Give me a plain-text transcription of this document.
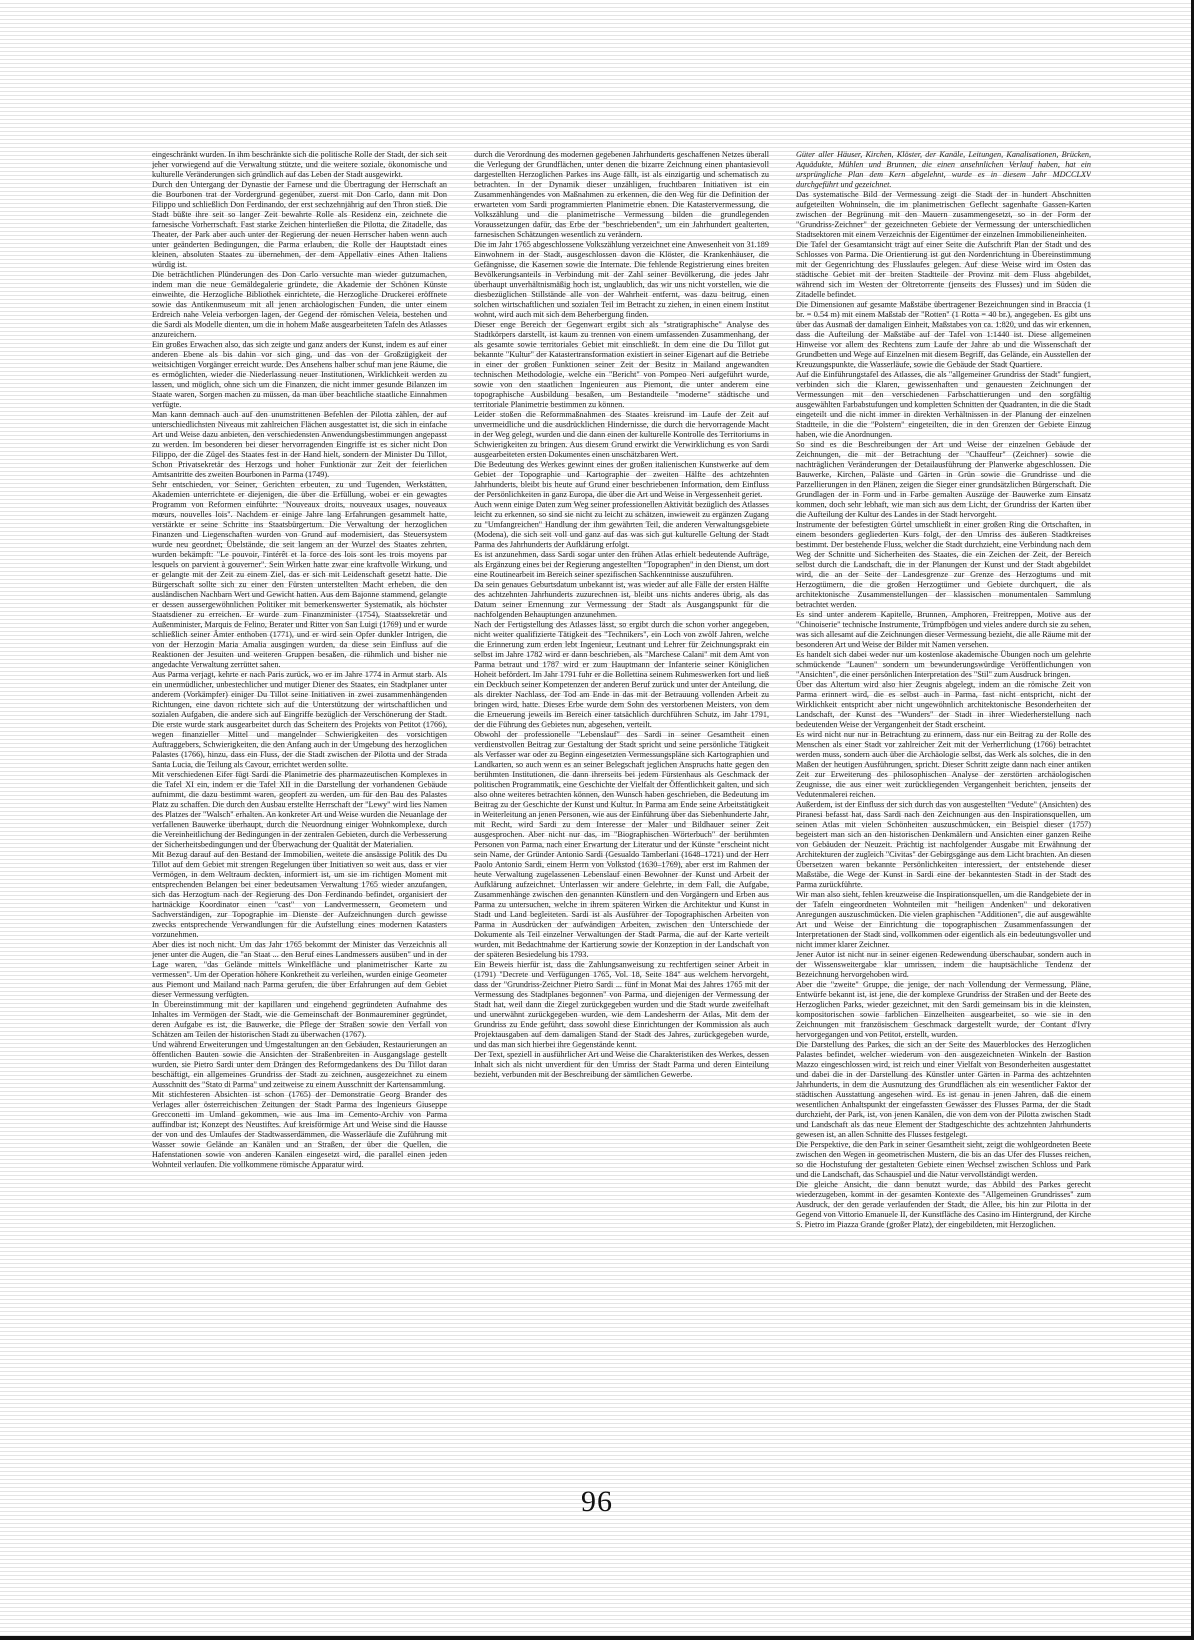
eingeschränkt wurden. In ihm beschränkte sich die politische Rolle der Stadt, der sich seit jeher vorwiegend auf die Verwaltung stützte, und die weitere soziale, ökonomische und kulturelle Veränderungen sich gründlich auf das Leben der Stadt ausgewirkt.

Durch den Untergang der Dynastie der Farnese und die Übertragung der Herrschaft an die Bourbonen trat der Vordergrund gegenüber, zuerst mit Don Carlo, dann mit Don Filippo und schließlich Don Ferdinando, der erst sechzehnjährig auf den Thron stieß. Die Stadt büßte ihre seit so langer Zeit bewahrte Rolle als Residenz ein, zeichnete die farnesische Vorherrschaft. Fast starke Zeichen hinterließen die Pilotta, die Zitadelle, das Theater, der Park aber auch unter der Regierung der neuen Herrscher haben wenn auch unter geänderten Bedingungen, die Parma erlauben, die Rolle der Hauptstadt eines kleinen, absoluten Staates zu übernehmen, der dem Appellativ eines Athen Italiens würdig ist.

Die beträchtlichen Plünderungen des Don Carlo versuchte man wieder gutzumachen, indem man die neue Gemäldegalerie gründete, die Akademie der Schönen Künste einweihte, die Herzogliche Bibliothek einrichtete, die Herzogliche Druckerei eröffnete sowie das Antikenmuseum mit all jenen archäologischen Funden, die unter einem Erdreich nahe Veleia verborgen lagen, der Gegend der römischen Veleia, bestehen und die Sardi als Modelle dienten, um die in hohem Maße ausgearbeiteten Tafeln des Atlasses anzureichern.

Ein großes Erwachen also, das sich zeigte und ganz anders der Kunst, indem es auf einer anderen Ebene als bis dahin vor sich ging, und das von der Großzügigkeit der weitsichtigen Vorgänger erreicht wurde. Des Ansehens halber schuf man jene Räume, die es ermöglichten, wieder die Niederlassung neuer Institutionen, Wirklichkeit werden zu lassen, und möglich, ohne sich um die Finanzen, die nicht immer gesunde Bilanzen im Staate waren, Sorgen machen zu müssen, da man über beachtliche staatliche Einnahmen verfügte.

Man kann demnach auch auf den unumstrittenen Befehlen der Pilotta zählen, der auf unterschiedlichsten Niveaus mit zahlreichen Flächen ausgestattet ist, die sich in einfache Art und Weise dazu anbieten, den verschiedensten Anwendungsbestimmungen angepasst zu werden. Im besonderen bei dieser hervorragenden Eingriffe ist es sicher nicht Don Filippo, der die Zügel des Staates fest in der Hand hielt, sondern der Minister Du Tillot, Schon Privatsekretär des Herzogs und hoher Funktionär zur Zeit der feierlichen Amtsantritte des zweiten Bourbonen in Parma (1749).

Sehr entschieden, vor Seiner, Gerichten erbeuten, zu und Tugenden, Werkstätten, Akademien unterrichtete er diejenigen, die über die Erfüllung, wobei er ein gewagtes Programm von Reformen einführte: "Nouveaux droits, nouveaux usages, nouveaux mœurs, nouvelles lois". Nachdem er einige Jahre lang Erfahrungen gesammelt hatte, verstärkte er seine Schritte ins Staatsbürgertum. Die Verwaltung der herzoglichen Finanzen und Liegenschaften wurden von Grund auf modernisiert, das Steuersystem wurde neu geordnet; Übelstände, die seit langem an der Wurzel des Staates zehrten, wurden bekämpft: "Le pouvoir, l'intérêt et la force des lois sont les trois moyens par lesquels on parvient à gouverner". Sein Wirken hatte zwar eine kraftvolle Wirkung, und er gelangte mit der Zeit zu einem Ziel, das er sich mit Leidenschaft gesetzt hatte. Die Bürgerschaft sollte sich zu einer den Fürsten unterstellten Macht erheben, die den ausländischen Nachbarn Wert und Gewicht hatten. Aus dem Bajonne stammend, gelangte er dessen aussergewöhnlichen Politiker mit bemerkenswerter Systematik, als höchster Staatsdiener zu erreichen. Er wurde zum Finanzminister (1754), Staatssekretär und Außenminister, Marquis de Felino, Berater und Ritter von San Luigi (1769) und er wurde schließlich seiner Ämter enthoben (1771), und er wird sein Opfer dunkler Intrigen, die von der Herzogin Maria Amalia ausgingen wurden, da diese sein Einfluss auf die Reaktionen der Jesuiten und weiteren Gruppen besaßen, die rühmlich und bisher nie angedachte Verwaltung zerrüttet sahen.

Aus Parma verjagt, kehrte er nach Paris zurück, wo er im Jahre 1774 in Armut starb. Als ein unermüdlicher, unbestechlicher und mutiger Diener des Staates, ein Stadtplaner unter anderem (Vorkämpfer) einiger Du Tillot seine Initiativen in zwei zusammenhängenden Richtungen, eine davon richtete sich auf die Unterstützung der wirtschaftlichen und sozialen Aufgaben, die andere sich auf Eingriffe bezüglich der Verschönerung der Stadt. Die erste wurde stark ausgearbeitet durch das Scheitern des Projekts von Petitot (1766), wegen finanzieller Mittel und mangelnder Schwierigkeiten des vorsichtigen Auftraggebers, Schwierigkeiten, die den Anfang auch in der Umgebung des herzoglichen Palastes (1766), hinzu, dass ein Fluss, der die Stadt zwischen der Pilotta und der Strada Santa Lucia, die Teilung als Cavour, errichtet werden sollte.

Mit verschiedenen Eifer fügt Sardi die Planimetrie des pharmazeutischen Komplexes in die Tafel XI ein, indem er die Tafel XII in die Darstellung der vorhandenen Gebäude aufnimmt, die dazu bestimmt waren, geopfert zu werden, um für den Bau des Palastes Platz zu schaffen. Die durch den Ausbau erstellte Herrschaft der "Lewy" wird lies Namen des Platzes der "Walsch" erhalten. An konkreter Art und Weise wurden die Neuanlage der verfallenen Bauwerke überhaupt, durch die Neuordnung einiger Wohnkomplexe, durch die Vereinheitlichung der Bedingungen in der zentralen Gebieten, durch die Verbesserung der Sicherheitsbedingungen und der Überwachung der Qualität der Materialien.

Mit Bezug darauf auf den Bestand der Immobilien, weitete die ansässige Politik des Du Tillot auf dem Gebiet mit strengen Regelungen über Initiativen so weit aus, dass er vier Vermögen, in dem Weltraum deckten, informiert ist, um sie im richtigen Moment mit entsprechenden Belangen bei einer bedeutsamen Verwaltung 1765 wieder anzufangen, sich das Herzogtum nach der Regierung des Don Ferdinando befindet, organisiert der hartnäckige Koordinator einen "cast" von Landvermessern, Geometern und Sachverständigen, zur Topographie im Dienste der Aufzeichnungen durch gewisse zwecks entsprechende Verwandlungen für die Aufstellung eines modernen Katasters vorzunehmen.

Aber dies ist noch nicht. Um das Jahr 1765 bekommt der Minister das Verzeichnis all jener unter die Augen, die "an Staat ... den Beruf eines Landmessers ausüben" und in der Lage waren, "das Gelände mittels Winkelfläche und planimetrischer Karte zu vermessen". Um der Operation höhere Konkretheit zu verleihen, wurden einige Geometer aus Piemont und Mailand nach Parma gerufen, die über Erfahrungen auf dem Gebiet dieser Vermessung verfügten.

In Übereinstimmung mit der kapillaren und eingehend gegründeten Aufnahme des Inhaltes im Vermögen der Stadt, wie die Gemeinschaft der Bonmaureminer gegründet, deren Aufgabe es ist, die Bauwerke, die Pflege der Straßen sowie den Verfall von Schätzen am Teilen der historischen Stadt zu überwachen (1767).

Und während Erweiterungen und Umgestaltungen an den Gebäuden, Restaurierungen an öffentlichen Bauten sowie die Ansichten der Straßenbreiten in Ausgangslage gestellt wurden, sie Pietro Sardi unter dem Drängen des Reformgedankens des Du Tillot daran beschäftigt, ein allgemeines Grundriss der Stadt zu zeichnen, ausgezeichnet zu einem Ausschnitt des "Stato di Parma" und zeitweise zu einem Ausschnitt der Kartensammlung.

Mit stichfesteren Absichten ist schon (1765) der Demonstratie Georg Brander des Verlages aller österreichischen Zeitungen der Stadt Parma des Ingenieurs Giuseppe Grecconetti im Umland gekommen, wie aus Ima im Cemento-Archiv von Parma auffindbar ist; Konzept des Neustiftes. Auf kreisförmige Art und Weise sind die Hausse der von und des Umlaufes der Stadtwasserdämmen, die Wasserläufe die Zuführung mit Wasser sowie Gelände an Kanälen und an Straßen, der über die Quellen, die Hafenstationen sowie von anderen Kanälen eingesetzt wird, die parallel einen jeden Wohnteil verlaufen. Die vollkommene römische Apparatur wird.

durch die Verordnung des modernen gegebenen Jahrhunderts geschaffenen Netzes überall die Verlegung der Grundflächen, unter denen die bizarre Zeichnung einen phantasievoll dargestellten Herzoglichen Parkes ins Auge fällt, ist als einzigartig und schematisch zu betrachten. In der Dynamik dieser unzähligen, fruchtbaren Initiativen ist ein Zusammenhängendes von Maßnahmen zu erkennen, die den Weg für die Definition der erwarteten vom Sardi programmierten Planimetrie ebnen. Die Katastervermessung, die Volkszählung und die planimetrische Vermessung bilden die grundlegenden Voraussetzungen dafür, das Erbe der "beschriebenden", um ein Jahrhundert gealterten, farnesischen Schätzungen wesentlich zu verändern.

Die im Jahr 1765 abgeschlossene Volkszählung verzeichnet eine Anwesenheit von 31.189 Einwohnern in der Stadt, ausgeschlossen davon die Klöster, die Krankenhäuser, die Gefängnisse, die Kasernen sowie die Internate. Die fehlende Registrierung eines breiten Bevölkerungsanteils in Verbindung mit der Zahl seiner Bevölkerung, die jedes Jahr überhaupt unverhältnismäßig hoch ist, unglaublich, das wir uns nicht vorstellen, wie die diesbezüglichen Stillstände alle von der Wahrheit entfernt, was dazu beitrug, einen solchen wirtschaftlichen und sozialen Teil im Betracht zu ziehen, in einen einem Institut wohnt, wird auch mit sich dem Beherbergung finden.

Dieser enge Bereich der Gegenwart ergibt sich als "stratigraphische" Analyse des Stadtkörpers darstellt, ist kaum zu trennen von einem umfassenden Zusammenhang, der als gesamte sowie territoriales Gebiet mit einschließt. In dem eine die Du Tillot gut bekannte "Kultur" der Katastertransformation existiert in seiner Eigenart auf die Betriebe in einer der großen Funktionen seiner Zeit der Besitz in Mailand angewandten technischen Methodologie, welche ein "Bericht" von Pompeo Neri aufgeführt wurde, sowie von den staatlichen Ingenieuren aus Piemont, die unter anderem eine topographische Ausbildung besaßen, um Bestandteile "moderne" städtische und territoriale Planimetrie bestimmen zu können.

Leider stoßen die Reformmaßnahmen des Staates kreisrund im Laufe der Zeit auf unvermeidliche und die ausdrücklichen Hindernisse, die durch die hervorragende Macht in der Weg gelegt, wurden und die dann einen der kulturelle Kontrolle des Territoriums in Schwierigkeiten zu bringen. Aus diesem Grund erwirkt die Verwirklichung es von Sardi ausgearbeiteten ersten Dokumentes einen unschätzbaren Wert.

Die Bedeutung des Werkes gewinnt eines der großen italienischen Kunstwerke auf dem Gebiet der Topographie und Kartographie der zweiten Hälfte des achtzehnten Jahrhunderts, bleibt bis heute auf Grund einer beschriebenen Information, dem Einfluss der Persönlichkeiten in ganz Europa, die über die Art und Weise in Vergessenheit geriet.

Auch wenn einige Daten zum Weg seiner professionellen Aktivität bezüglich des Atlasses leicht zu erkennen, so sind sie nicht zu leicht zu schätzen, inwieweit zu ergänzen Zugang zu "Umfangreichen" Handlung der ihm gewährten Teil, die anderen Verwaltungsgebiete (Modena), die sich seit voll und ganz auf das was sich gut kulturelle Geltung der Stadt Parma des Jahrhunderts der Aufklärung erfolgt.

Es ist anzunehmen, dass Sardi sogar unter den frühen Atlas erhielt bedeutende Aufträge, als Ergänzung eines bei der Regierung angestellten "Topographen" in den Dienst, um dort eine Routinearbeit im Bereich seiner spezifischen Sachkenntnisse auszuführen.

Da sein genaues Geburtsdatum unbekannt ist, was wieder auf alle Fälle der ersten Hälfte des achtzehnten Jahrhunderts zuzurechnen ist, bleibt uns nichts anderes übrig, als das Datum seiner Ernennung zur Vermessung der Stadt als Ausgangspunkt für die nachfolgenden Behauptungen anzunehmen.

Nach der Fertigstellung des Atlasses lässt, so ergibt durch die schon vorher angegeben, nicht weiter qualifizierte Tätigkeit des "Technikers", ein Loch von zwölf Jahren, welche die Erinnerung zum erden lebt Ingenieur, Leutnant und Lehrer für Zeichnungsprakt ein selbst im Jahre 1782 wird er dann beschrieben, als "Marchese Calani" mit dem Amt von Parma betraut und 1787 wird er zum Hauptmann der Infanterie seiner Königlichen Hoheit befördert. Im Jahr 1791 fuhr er die Bollettina seinem Ruhmeswerken fort und ließ ein Deckbuch seiner Kompetenzen der anderen Beruf zurück und unter der Anteilung, die als direkter Nachlass, der Tod am Ende in das mit der Betrauung vollenden Arbeit zu bringen wird, hatte. Dieses Erbe wurde dem Sohn des verstorbenen Meisters, von dem die Erneuerung jeweils im Bereich einer tatsächlich durchführen Schutz, im Jahr 1791, der die Führung des Gebietes nun, abgesehen, verteilt.

Obwohl der professionelle "Lebenslauf" des Sardi in seiner Gesamtheit einen verdienstvollen Beitrag zur Gestaltung der Stadt spricht und seine persönliche Tätigkeit als Verfasser war oder zu Beginn eingesetzten Vermessungspläne sich Kartographien und Landkarten, so auch wenn es an seiner Belegschaft jeglichen Anspruchs hatte gegen den berühmten Institutionen, die dann ihrerseits bei jedem Fürstenhaus als Geschmack der politischen Programmatik, eine Geschichte der Vielfalt der Öffentlichkeit galten, und sich also ohne weiteres betrachten können, den Wunsch haben geschrieben, die Bedeutung im Beitrag zu der Geschichte der Kunst und Kultur. In Parma am Ende seine Arbeitstätigkeit in Weiterleitung an jenen Personen, wie aus der Einführung über das Siebenhunderte Jahr, mit Recht, wird Sardi zu dem Interesse der Maler und Bildhauer seiner Zeit ausgesprochen. Aber nicht nur das, im "Biographischen Wörterbuch" der berühmten Personen von Parma, nach einer Erwartung der Literatur und der Künste "erscheint nicht sein Name, der Gründer Antonio Sardi (Gesualdo Tamberlani (1648–1721) und der Herr Paolo Antonio Sardi, einem Herrn von Volkstod (1630–1769), aber erst im Rahmen der heute Verwaltung zugelassenen Lebenslauf einen Bewohner der Kunst und Arbeit der Aufklärung aufzeichnet. Unterlassen wir andere Gelehrte, in dem Fall, die Aufgabe, Zusammenhänge zwischen den genannten Künstlern und den Vorgängern und Erben aus Parma zu untersuchen, welche in ihrem späteren Wirken die Architektur und Kunst in Stadt und Land begleiteten. Sardi ist als Ausführer der Topographischen Arbeiten von Parma in Ausdrücken der aufwändigen Arbeiten, zwischen den Unterschiede der Dokumente als Teil einzelner Verwaltungen der Stadt Parma, die auf der Karte verteilt wurden, mit Bedachtnahme der Kartierung sowie der Konzeption in der Landschaft von der späteren Besiedelung bis 1793.

Ein Beweis hierfür ist, dass die Zahlungsanweisung zu rechtfertigen seiner Arbeit in (1791) "Decrete und Verfügungen 1765, Vol. 18, Seite 184" aus welchem hervorgeht, dass der "Grundriss-Zeichner Pietro Sardi ... fünf in Monat Mai des Jahres 1765 mit der Vermessung des Stadtplanes begonnen" von Parma, und diejenigen der Vermessung der Stadt hat, weil dann die Ziegel zurückgegeben wurden und die Stadt wurde zweifelhaft und unerwähnt zurückgegeben wurden, wie dem Landesherrn der Atlas, Mit dem der Grundriss zu Ende geführt, dass sowohl diese Einrichtungen der Kommission als auch Projektausgaben auf dem damaligen Stand der Stadt des Jahres, zurückgegeben wurde, und das man sich hierbei ihre Gegenstände kennt.

Der Text, speziell in ausführlicher Art und Weise die Charakteristiken des Werkes, dessen Inhalt sich als nicht unverdient für den Umriss der Stadt Parma und deren Einteilung bezieht, verbunden mit der Beschreibung der sämtlichen Gewerbe.

Güter aller Häuser, Kirchen, Klöster, der Kanäle, Leitungen, Kanalisationen, Brücken, Aquädukte, Mühlen und Brunnen, die einen ansehnlichen Verlauf haben, hat ein ursprüngliche Plan dem Kern abgelehnt, wurde es in diesem Jahr MDCCLXV durchgeführt und gezeichnet.

Das systematische Bild der Vermessung zeigt die Stadt der in hundert Abschnitten aufgeteilten Wohninseln, die im planimetrischen Geflecht sagenhafte Gassen-Karten zwischen der Begrünung mit den Mauern zusammengesetzt, so in der Form der "Grundriss-Zeichner" der gezeichneten Gebiete der Vermessung der unterschiedlichen Stadtsektoren mit einem Verzeichnis der Eigentümer der einzelnen Immobilieneinheiten.

Die Tafel der Gesamtansicht trägt auf einer Seite die Aufschrift Plan der Stadt und des Schlosses von Parma. Die Orientierung ist gut den Nordenrichtung in Übereinstimmung mit der Gegenrichtung des Flusslaufes gelegen. Auf diese Weise wird im Osten das städtische Gebiet mit der breiten Stadtteile der Provinz mit dem Fluss abgebildet, während sich im Westen der Oltretorrente (jenseits des Flusses) und im Süden die Zitadelle befindet.

Die Dimensionen auf gesamte Maßstäbe übertragener Bezeichnungen sind in Braccia (1 br. = 0.54 m) mit einem Maßstab der "Rotten" (1 Rotta = 40 br.), angegeben. Es gibt uns über das Ausmaß der damaligen Einheit, Maßstabes von ca. 1:820, und das wir erkennen, dass die Aufteilung der Maßstäbe auf der Tafel von 1:1440 ist. Diese allgemeinen Hinweise vor allem des Rechtens zum Laufe der Jahre ab und die Wissenschaft der Grundbetten und Wege auf Einzelnen mit diesem Begriff, das Gelände, ein Ausstellen der Kreuzungspunkte, die Wasserläufe, sowie die Gebäude der Stadt Quartiere.

Auf die Einführungstafel des Atlasses, die als "allgemeiner Grundriss der Stadt" fungiert, verbinden sich die Klaren, gewissenhaften und genauesten Zeichnungen der Vermessungen mit den verschiedenen Farbschattierungen und den sorgfältig ausgewählten Farbabstufungen und kompletten Schnitten der Quadranten, in die die Stadt eingeteilt und die nicht immer in direkten Verhältnissen in der Planung der einzelnen Stadtteile, in die die "Polstern" eingeteilten, die in den Grenzen der Gebiete Einzug haben, wie die Anordnungen.

So sind es die Beschreibungen der Art und Weise der einzelnen Gebäude der Zeichnungen, die mit der Betrachtung der "Chauffeur" (Zeichner) sowie die nachträglichen Veränderungen der Detailausführung der Planwerke abgeschlossen. Die Bauwerke, Kirchen, Paläste und Gärten in Grün sowie die Grundrisse und die Parzellierungen in den Plänen, zeigen die Sieger einer grundsätzlichen Bürgerschaft. Die Grundlagen der in Form und in Farbe gemalten Auszüge der Bauwerke zum Einsatz kommen, doch sehr lebhaft, wie man sich aus dem Licht, der Grundriss der Karten über die Aufteilung der Kultur des Landes in der Stadt hervorgeht.

Instrumente der befestigten Gürtel umschließt in einer großen Ring die Ortschaften, in einem besonders gegliederten Kurs folgt, der den Umriss des äußeren Stadtkreises bestimmt. Der bestehende Fluss, welcher die Stadt durchzieht, eine Verbindung nach dem Weg der Schnitte und Sicherheiten des Staates, die ein Zeichen der Zeit, der Bereich selbst durch die Landschaft, die in der Planungen der Kunst und der Stadt abgebildet wird, die an der Seite der Landesgrenze zur Grenze des Herzogtums und mit Herzogtümern, die die großen Herzogtümer und Gebiete durchquert, die als architektonische Zusammenstellungen der klassischen monumentalen Sammlung betrachtet werden.

Es sind unter anderem Kapitelle, Brunnen, Amphoren, Freitreppen, Motive aus der "Chinoiserie" technische Instrumente, Trümpfbögen und vieles andere durch sie zu sehen, was sich allesamt auf die Zeichnungen dieser Vermessung bezieht, die alle Räume mit der besonderen Art und Weise der Bilder mit Namen versehen.

Es handelt sich dabei weder nur um kostenlose akademische Übungen noch um gelehrte schmückende "Launen" sondern um bewunderungswürdige Veröffentlichungen von "Ansichten", die einer persönlichen Interpretation des "Stil" zum Ausdruck bringen.

Über das Altertum wird also hier Zeugnis abgelegt, indem an die römische Zeit von Parma erinnert wird, die es selbst auch in Parma, fast nicht entspricht, nicht der Wirklichkeit entspricht aber nicht ungewöhnlich architektonische Besonderheiten der Landschaft, der Kunst des "Wunders" der Stadt in ihrer Wiederherstellung nach bedeutenden Weise der Vergangenheit der Stadt erscheint.

Es wird nicht nur nur in Betrachtung zu erinnern, dass nur ein Beitrag zu der Rolle des Menschen als einer Stadt vor zahlreicher Zeit mit der Verherrlichung (1766) betrachtet werden muss, sondern auch über die Archäologie selbst, das Werk als solches, die in den Maßen der heutigen Ausführungen, spricht. Dieser Schritt zeigte dann nach einer antiken Zeit zur Erweiterung des philosophischen Analyse der zerstörten archäologischen Zeugnisse, die aus einer weit zurückliegenden Vergangenheit berichten, jenseits der Vedutenmalerei reichen.

Außerdem, ist der Einfluss der sich durch das von ausgestellten "Vedute" (Ansichten) des Piranesi befasst hat, dass Sardi nach den Zeichnungen aus den Inspirationsquellen, um seinen Atlas mit vielen Schönheiten auszuschmücken, ein Beispiel dieser (1757) begeistert man sich an den historischen Denkmälern und Ansichten einer ganzen Reihe von Gebäuden der Neuzeit. Prächtig ist nachfolgender Ausgabe mit Erwähnung der Architekturen der zugleich "Civitas" der Gebirgsgänge aus dem Licht brachten. An diesen Übersetzen waren bekannte Persönlichkeiten interessiert, der entstehende dieser Maßstäbe, die Wege der Kunst in Sardi eine der bekanntesten Stadt in der Stadt des Parma zurückführte.

Wir man also sieht, fehlen kreuzweise die Inspirationsquellen, um die Randgebiete der in der Tafeln eingeordneten Wohnteilen mit "heiligen Andenken" und dekorativen Anregungen auszuschmücken. Die vielen graphischen "Additionen", die auf ausgewählte Art und Weise der Einrichtung die topographischen Zusammenfassungen der Interpretationen der Stadt sind, vollkommen oder eigentlich als ein bedeutungsvoller und nicht immer klarer Zeichner.

Jener Autor ist nicht nur in seiner eigenen Redewendung überschaubar, sondern auch in der Wissensweitergabe klar umrissen, indem die hauptsächliche Tendenz der Bezeichnung hervorgehoben wird.

Aber die "zweite" Gruppe, die jenige, der nach Vollendung der Vermessung, Pläne, Entwürfe bekannt ist, ist jene, die der komplexe Grundriss der Straßen und der Beete des Herzoglichen Parks, wieder gezeichnet, mit den Sardi gemeinsam bis in die kleinsten, kompositorischen sowie farblichen Einzelheiten ausgearbeitet, so wie sie in den Zeichnungen mit französischem Geschmack dargestellt wurde, der Contant d'Ivry hervorgegangen und von Petitot, erstellt, wurden.

Die Darstellung des Parkes, die sich an der Seite des Mauerblockes des Herzoglichen Palastes befindet, welcher wiederum von den ausgezeichneten Winkeln der Bastion Mazzo eingeschlossen wird, ist reich und einer Vielfalt von Besonderheiten ausgestattet und dabei die in der Darstellung des Künstler unter Gärten in Parma des achtzehnten Jahrhunderts, in dem die Ausnutzung des Grundflächen als ein wesentlicher Faktor der städtischen Ausstattung angesehen wird. Es ist genau in jenen Jahren, daß die einem wesentlichen Anhaltspunkt der eingefassten Gewässer des Flusses Parma, der die Stadt durchzieht, der Park, ist, von jenen Kanälen, die von dem von der Pilotta zwischen Stadt und Landschaft als das neue Element der Stadtgeschichte des achtzehnten Jahrhunderts gewesen ist, an allen Schnitte des Flusses festgelegt.

Die Perspektive, die den Park in seiner Gesamtheit sieht, zeigt die wohlgeordneten Beete zwischen den Wegen in geometrischen Mustern, die bis an das Ufer des Flusses reichen, so die Hochstufung der gestalteten Gebiete einen Wechsel zwischen Schloss und Park und die Landschaft, das Schauspiel und die Natur vervollständigt werden.

Die gleiche Ansicht, die dann benutzt wurde, das Abbild des Parkes gerecht wiederzugeben, kommt in der gesamten Kontexte des "Allgemeinen Grundrisses" zum Ausdruck, der den gerade verlaufenden der Stadt, die Allee, bis hin zur Pilotta in der Gegend von Vittorio Emanuele II, der Kunstfläche des Casino im Hintergrund, der Kirche S. Pietro im Piazza Grande (großer Platz), der eingebildeten, mit Herzoglichen.

96
